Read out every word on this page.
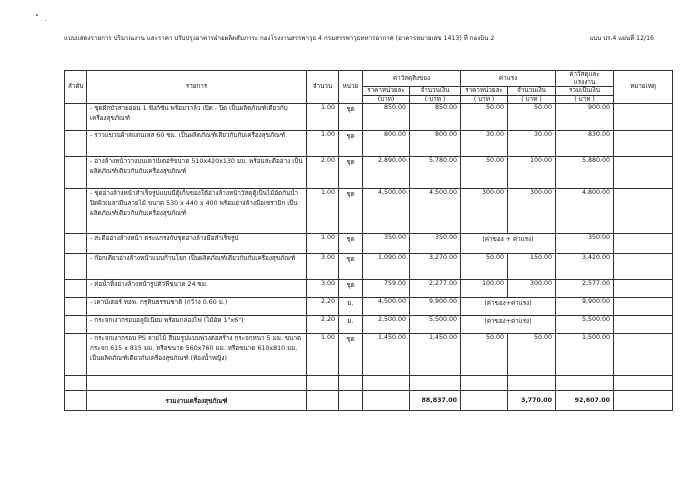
แบบแสดงรายการ ปริมาณงาน และราคา ปรับปรุงอาคารฝ่ายผลิตสัมภาระ กองโรงงานสรรพาวุธ 4 กรมสรรพาวุธทหารอากาศ (อาคารหมายเลข 1413) ที่ กองบิน 2	แบบ ปร.4 แผ่นที่ 12/16
ลำดับ	รายการ	จำนวน	หน่วย	ค่าวัสดุสิ่งของ		ค่าแรง		ค่าวัสดุและแรงงาน	หมายเหตุ
				ราคาหน่วยละ	จำนวนเงิน	ราคาหน่วยละ	จำนวนเงิน	รวมเป็นเงิน	
				(บาท)	( บาท )	( บาท )	( บาท )	( บาท )	
	- ชุดฝักบัวสายอ่อน 1 ฟังก์ชัน พร้อมวาล์ว เปิด - ปิด เป็นผลิตภัณฑ์เดียวกับเครื่องสุขภัณฑ์	1.00	ชุด	850.00	850.00	50.00	50.00	900.00	
	- ราวแขวนผ้าสแตนเลส 60 ซม. เป็นผลิตภัณฑ์เดียวกับกับเครื่องสุขภัณฑ์	1.00	ชุด	800.00	800.00	30.00	30.00	830.00	
	- อ่างล้างหน้าวางบนเคาน์เตอร์ขนาด 510x420x130 มม. พร้อมสะดืออ่าง เป็นผลิตภัณฑ์เดียวกันกับเครื่องสุขภัณฑ์	2.00	ชุด	2,890.00	5,780.00	50.00	100.00	5,880.00	
	- ชุดอ่างล้างหน้าสำเร็จรูปแบบมีตู้เก็บของใต้อ่างล้างหน้าวัสดุตู้เป็นไม้อัดกันน้ำปิดผิวเมลามีนลายไม้ ขนาด 530 x 440 x 400 พร้อมอ่างล้างมือเซรามิก เป็นผลิตภัณฑ์เดียวกันกับเครื่องสุขภัณฑ์	1.00	ชุด	4,500.00	4,500.00	300.00	300.00	4,800.00	
	- สะดืออ่างล้างหน้า ตระแกรงกับชุดอ่างล้างมือสำเร็จรูป	1.00	ชุด	350.00	350.00	(ค่าของ + ค่าแรง)		350.00	
	- ก๊อกเดี่ยวอ่างล้างหน้าแบบก้านโยก เป็นผลิตภัณฑ์เดียวกันกับเครื่องสุขภัณฑ์	3.00	ชุด	1,090.00	3,270.00	50.00	150.00	3,420.00	
	- ท่อน้ำทิ้งอ่างล้างหน้ารูปตัวพีขนาด 24 ซม.	3.00	ชุด	759.00	2,277.00	100.00	300.00	2,577.00	
	- เคาน์เตอร์ ทอพ. กรุหินธรรมชาติ (กว้าง 0.60 ม.)	2.20	ม.	4,500.00	9,900.00	(ค่าของ+ค่าแรง)		9,900.00	
	- กระจกเงากรอบอลูมิเนียม พร้อมกล่องไฟ (ไม้อัด 1"x6")	2.20	ม.	2,500.00	5,500.00	(ค่าของ+ค่าแรง)		5,500.00	
	- กระจกเงากรอบ PS ลายไม้ สีนมรูปแบบพ่วงต่อสร้าง กระจกหนา 5 มม. ขนาดกระจก 615 x 815 มม. หรือขนาด 560x760 มม. หรือขนาด 610x810 มม. เป็นผลิตภัณฑ์เดียวกับเครื่องสุขภัณฑ์ (ห้องน้ำหญิง)	1.00	ชุด	1,450.00	1,450.00	50.00	50.00	1,500.00	

	รวมงานเครื่องสุขภัณฑ์				88,837.00		3,770.00	92,607.00	
